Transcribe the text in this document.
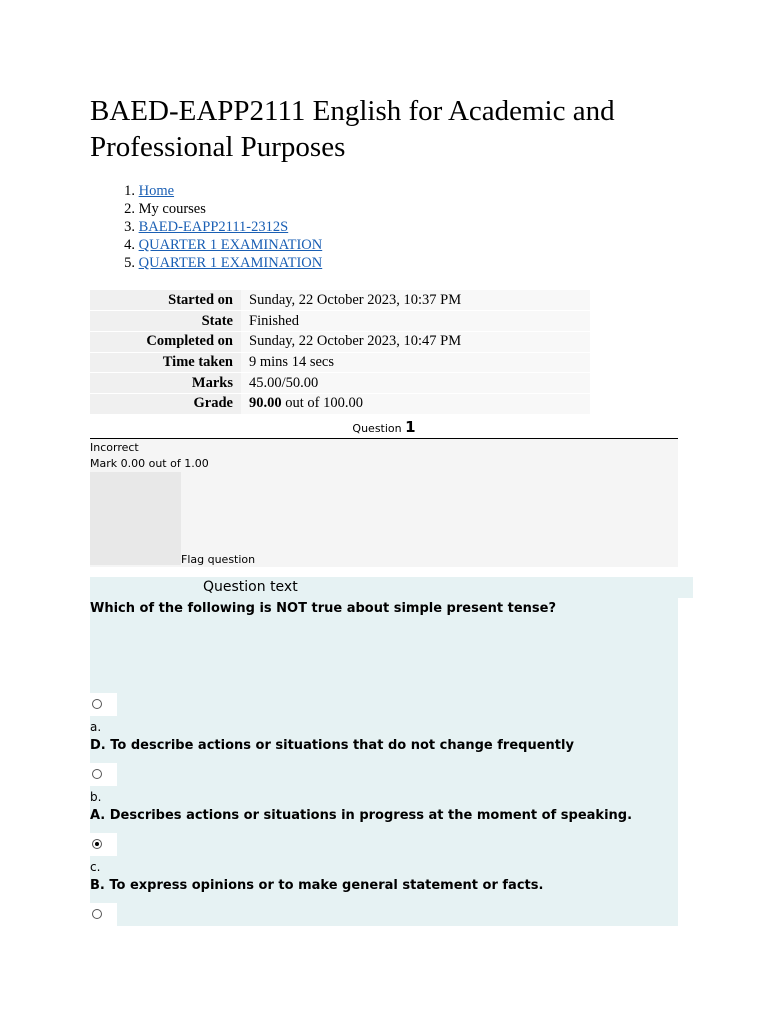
BAED-EAPP2111 English for Academic and Professional Purposes
1. Home
2. My courses
3. BAED-EAPP2111-2312S
4. QUARTER 1 EXAMINATION
5. QUARTER 1 EXAMINATION
Started on	Sunday, 22 October 2023, 10:37 PM
State	Finished
Completed on	Sunday, 22 October 2023, 10:47 PM
Time taken	9 mins 14 secs
Marks	45.00/50.00
Grade	90.00 out of 100.00
Question 1
Incorrect
Mark 0.00 out of 1.00
Flag question
Question text
Which of the following is NOT true about simple present tense?
a.
D. To describe actions or situations that do not change frequently
b.
A. Describes actions or situations in progress at the moment of speaking.
c.
B. To express opinions or to make general statement or facts.
